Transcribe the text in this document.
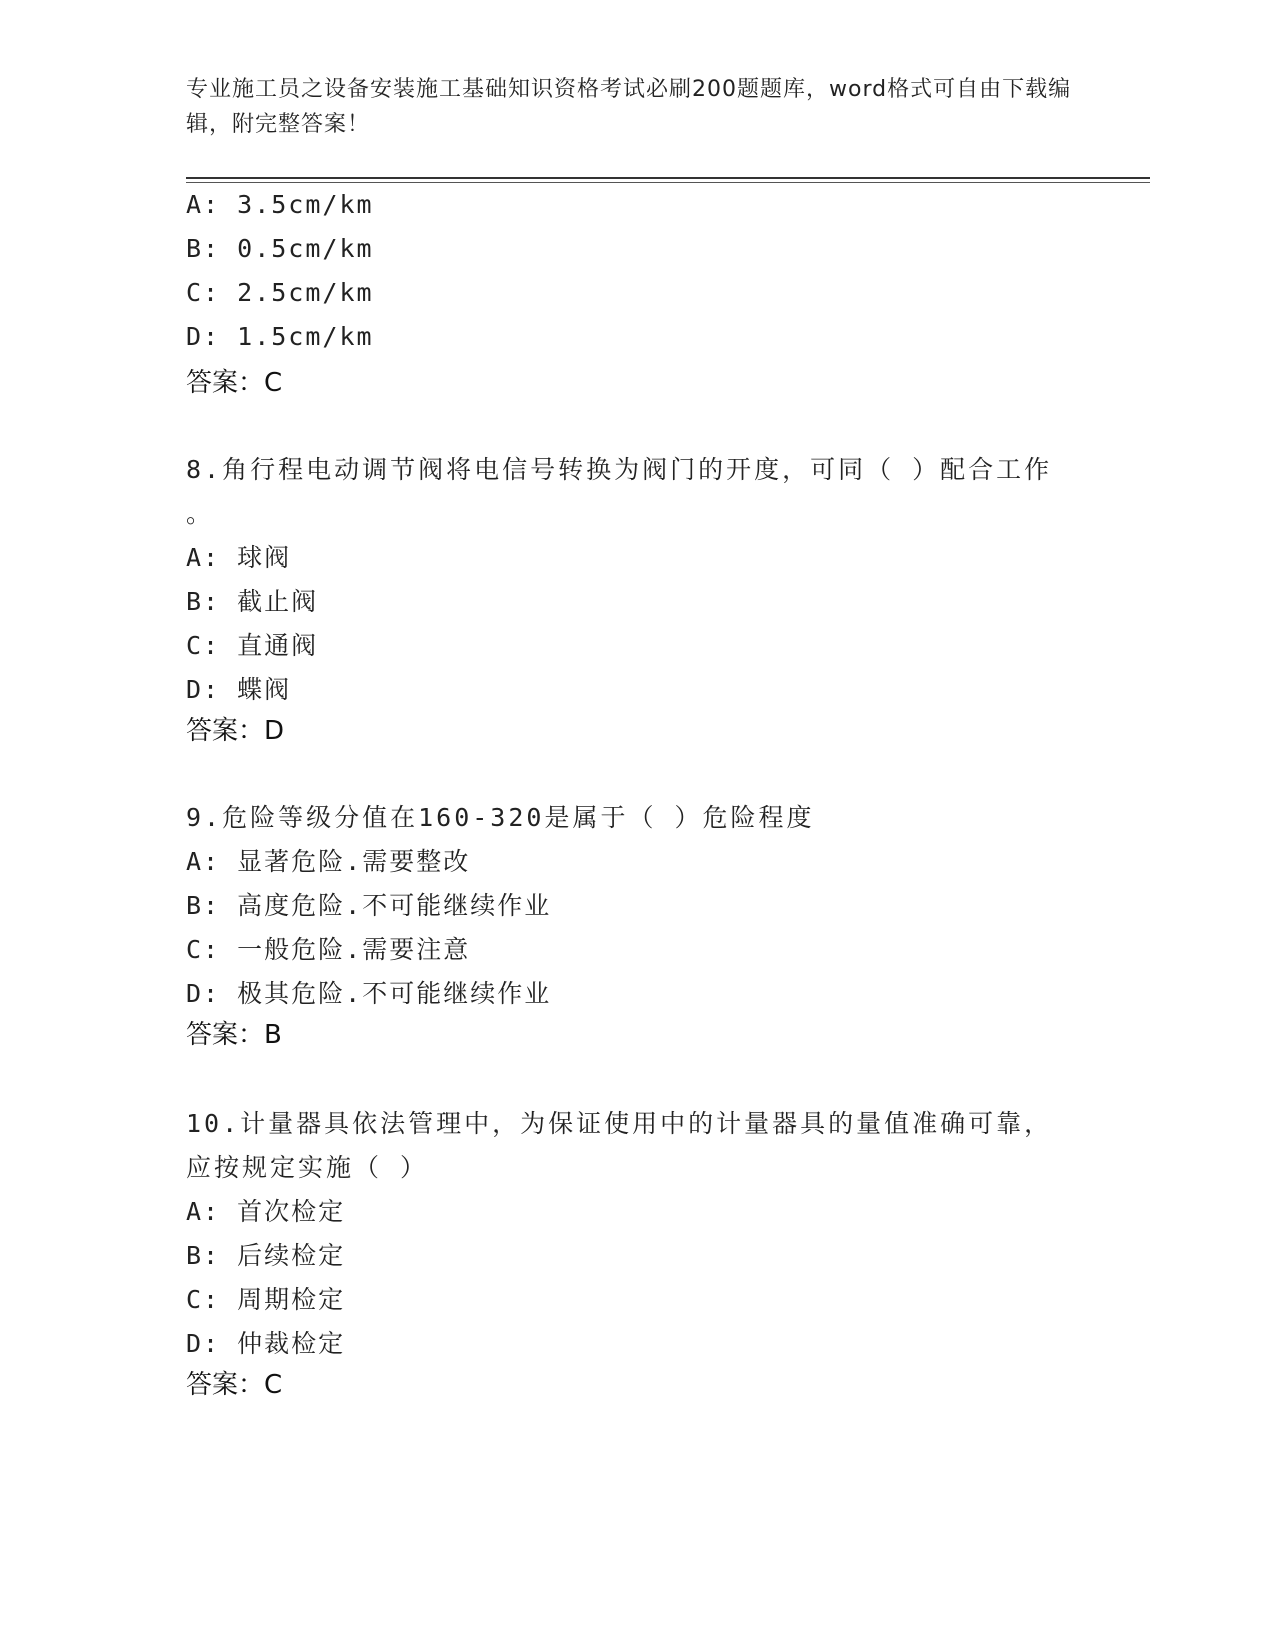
专业施工员之设备安装施工基础知识资格考试必刷200题题库，word格式可自由下载编辑，附完整答案！
A: 3.5cm/km
B: 0.5cm/km
C: 2.5cm/km
D: 1.5cm/km
答案：C
8.角行程电动调节阀将电信号转换为阀门的开度，可同（ ）配合工作
。
A: 球阀
B: 截止阀
C: 直通阀
D: 蝶阀
答案：D
9.危险等级分值在160-320是属于（ ）危险程度
A: 显著危险.需要整改
B: 高度危险.不可能继续作业
C: 一般危险.需要注意
D: 极其危险.不可能继续作业
答案：B
10.计量器具依法管理中，为保证使用中的计量器具的量值准确可靠，
应按规定实施（ ）
A: 首次检定
B: 后续检定
C: 周期检定
D: 仲裁检定
答案：C
